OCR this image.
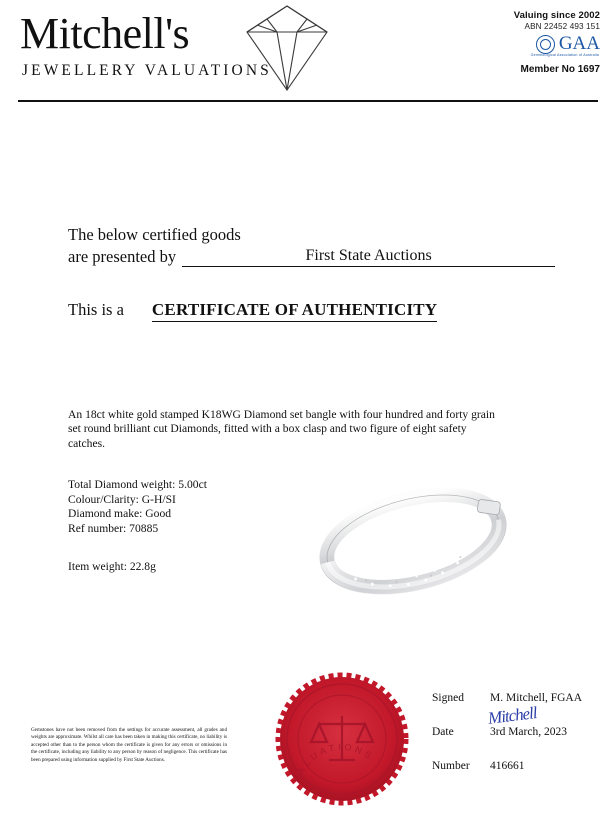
Mitchell's
JEWELLERY VALUATIONS
Valuing since 2002
ABN 22452 493 151
GAA
Gemmological Association of Australia
Member No 1697
The below certified goods
are presented by	First State Auctions
This is a CERTIFICATE OF AUTHENTICITY
An 18ct white gold stamped K18WG Diamond set bangle with four hundred and forty grain set round brilliant cut Diamonds, fitted with a box clasp and two figure of eight safety catches.
Total Diamond weight: 5.00ct
Colour/Clarity: G-H/SI
Diamond make: Good
Ref number: 70885
Item weight: 22.8g
Gemstones have not been removed from the settings for accurate assessment, all grades and weights are approximate. Whilst all care has been taken in making this certificate, no liability is accepted other than to the person whom the certificate is given for any errors or omissions in the certificate, including any liability to any person by reason of negligence. This certificate has been prepared using information supplied by First State Auctions.
VALUATIONS
Signed	M. Mitchell, FGAA
Mitchell
Date	3rd March, 2023
Number	416661
